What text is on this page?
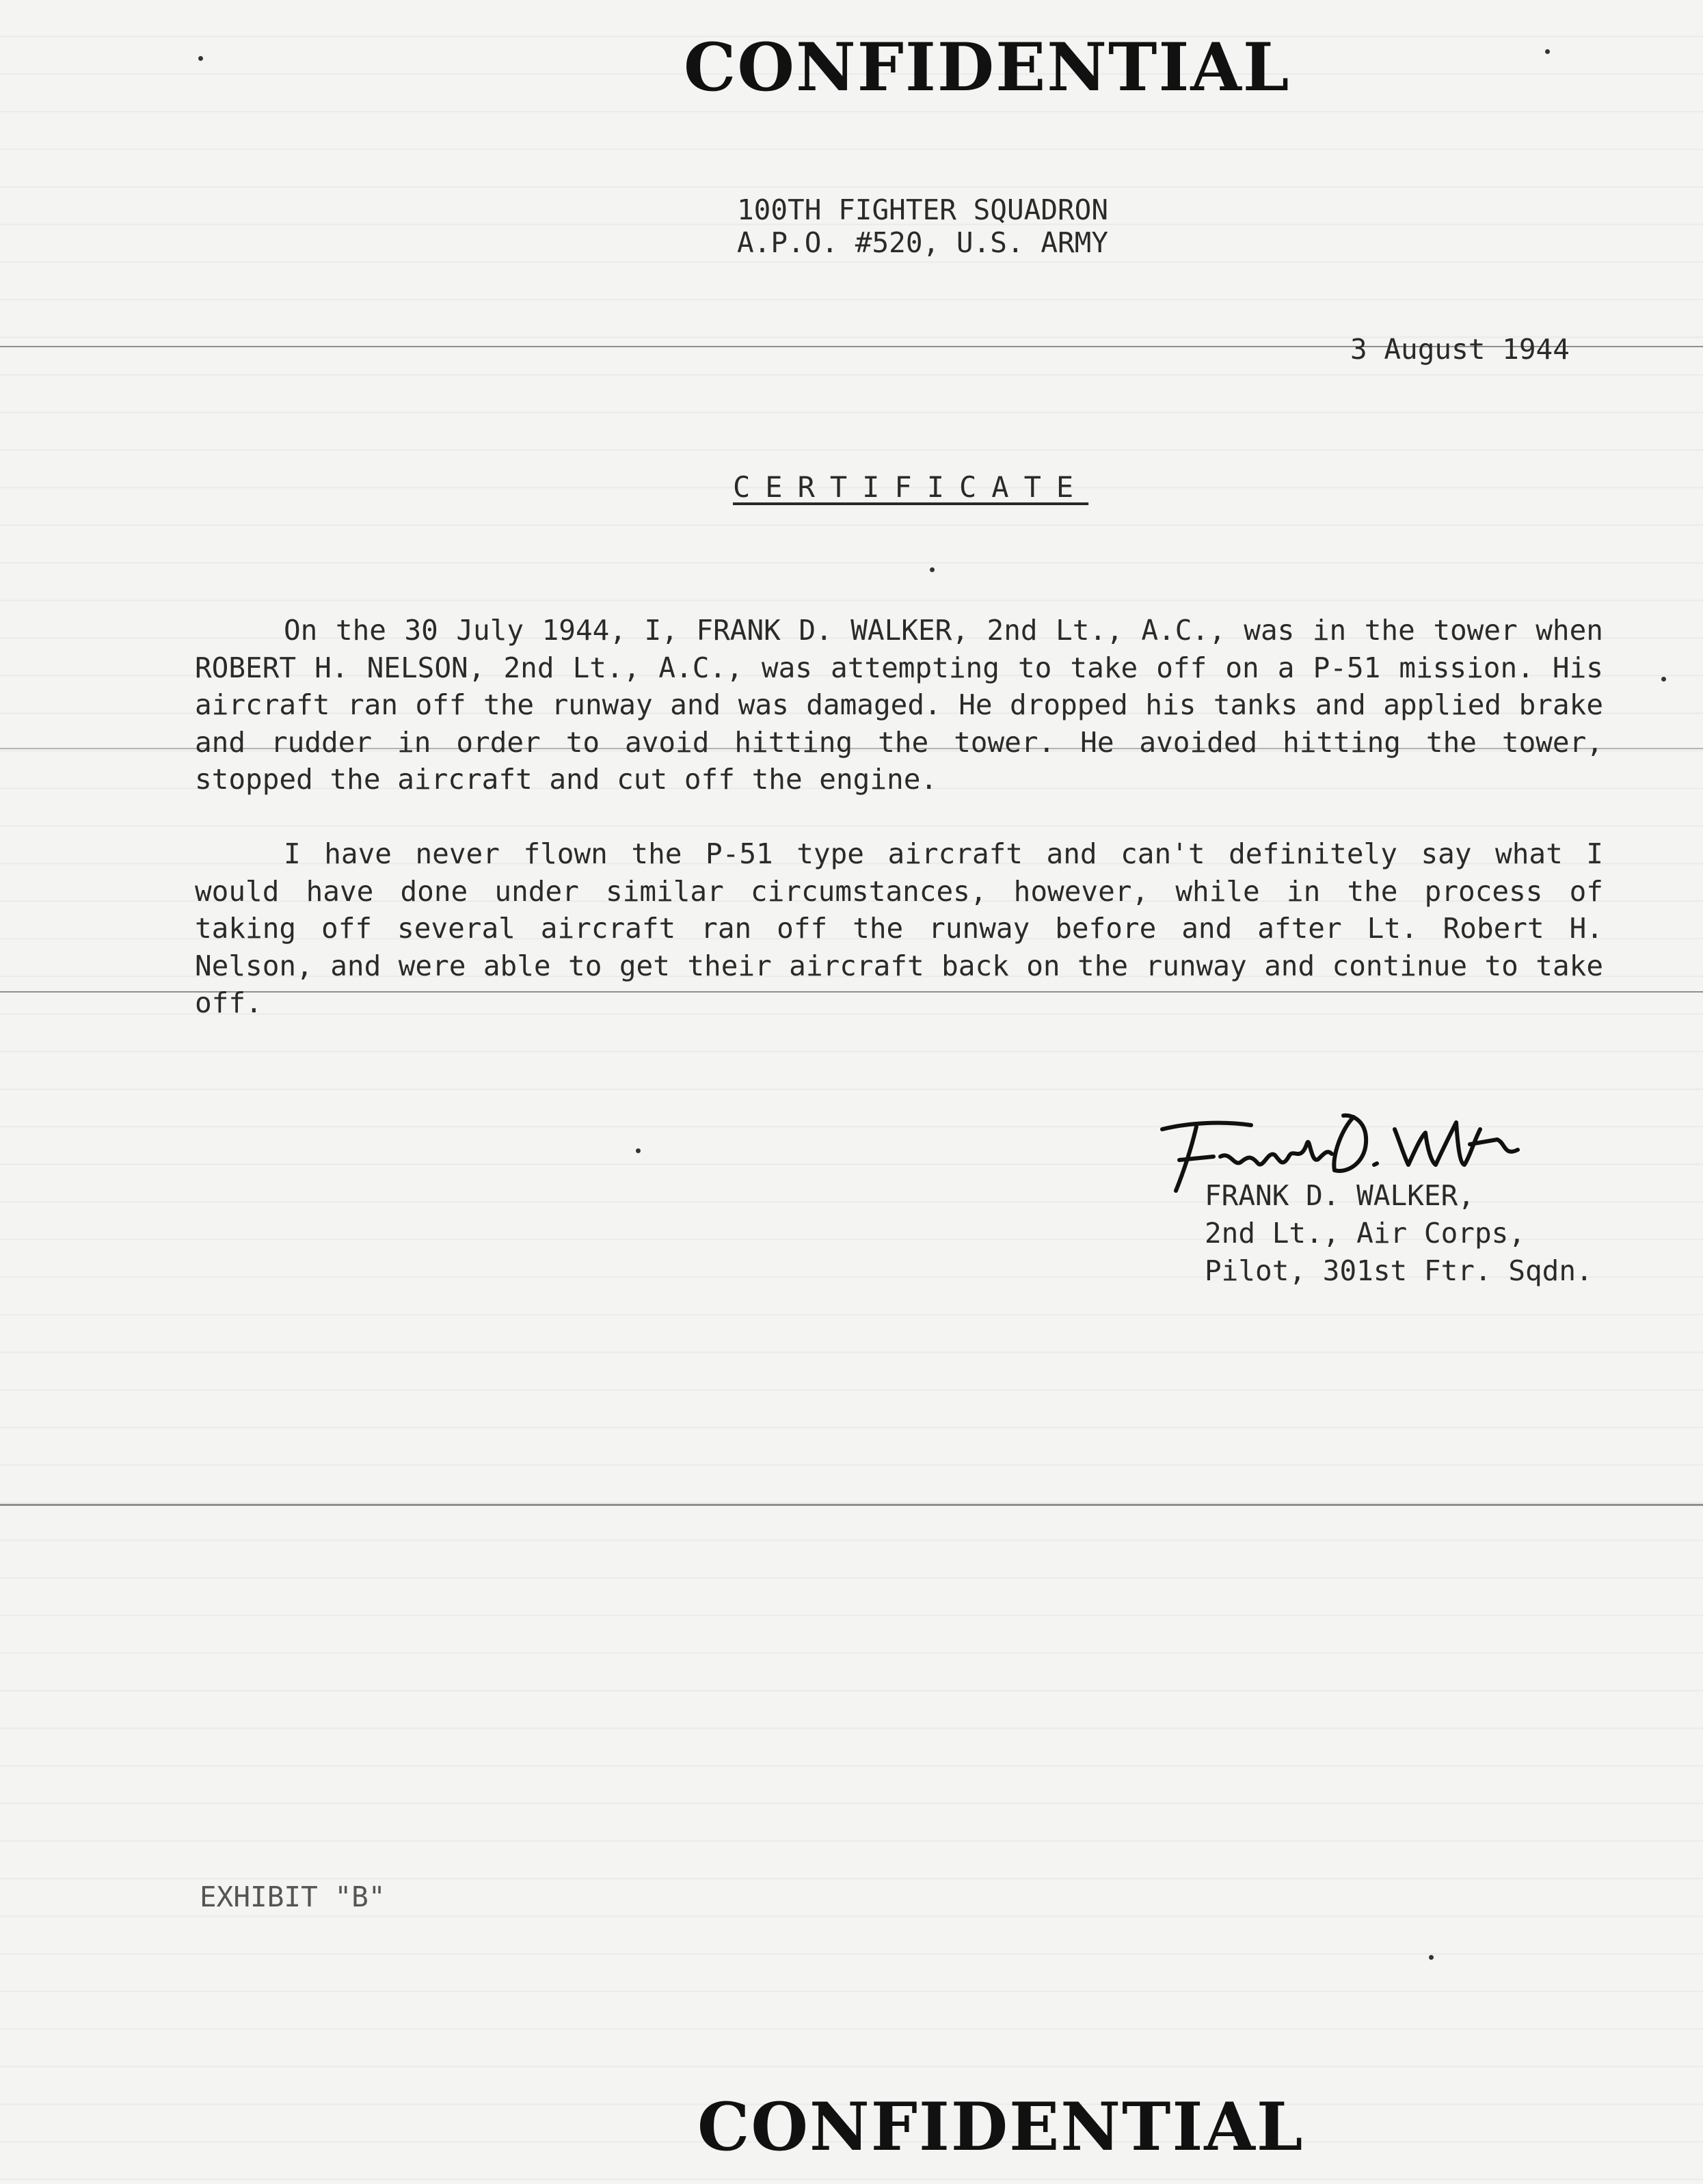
CONFIDENTIAL
100TH FIGHTER SQUADRON
A.P.O. #520, U.S. ARMY
3 August 1944
CERTIFICATE
On the 30 July 1944, I, FRANK D. WALKER, 2nd Lt., A.C., was in the tower when ROBERT H. NELSON, 2nd Lt., A.C., was attempting to take off on a P-51 mission. His aircraft ran off the runway and was damaged. He dropped his tanks and applied brake and rudder in order to avoid hitting the tower. He avoided hitting the tower, stopped the aircraft and cut off the engine.
I have never flown the P-51 type aircraft and can't definitely say what I would have done under similar circumstances, however, while in the process of taking off several aircraft ran off the runway before and after Lt. Robert H. Nelson, and were able to get their aircraft back on the runway and continue to take off.
FRANK D. WALKER,
2nd Lt., Air Corps,
Pilot, 301st Ftr. Sqdn.
EXHIBIT "B"
CONFIDENTIAL
